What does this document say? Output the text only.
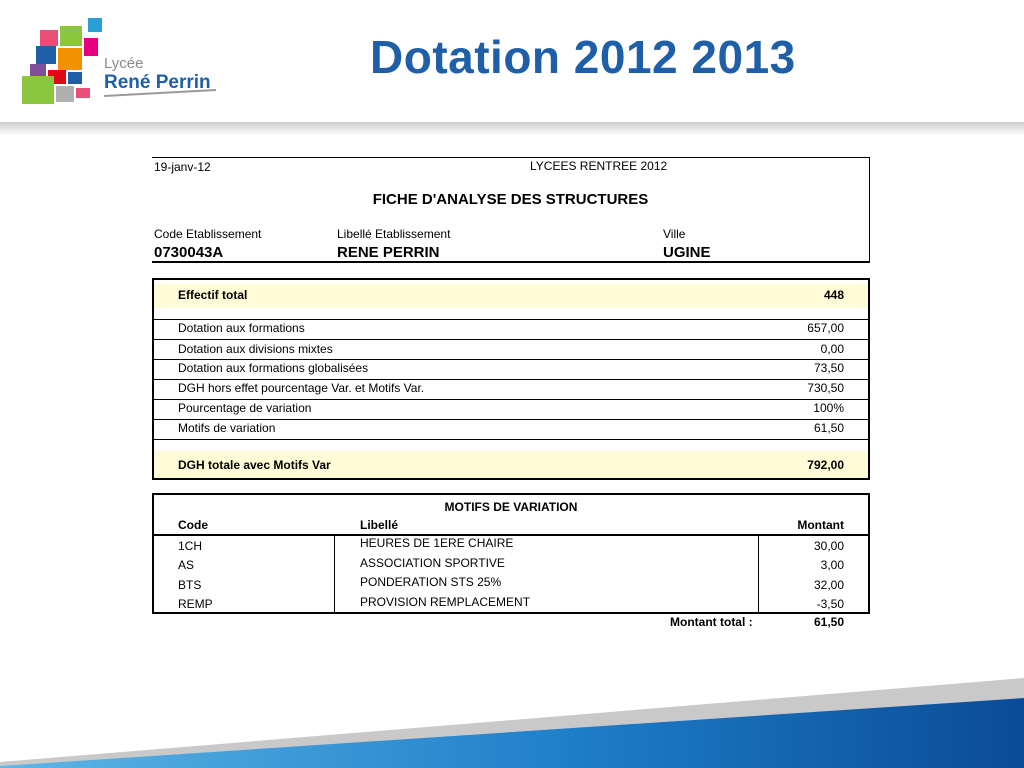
Lycée
René Perrin	Dotation 2012 2013
19-janv-12	LYCEES RENTREE 2012
FICHE D'ANALYSE DES STRUCTURES
Code Etablissement	Libellé Etablissement	Ville
0730043A	RENE PERRIN	UGINE
Effectif total	448
Dotation aux formations	657,00
Dotation aux divisions mixtes	0,00
Dotation aux formations globalisées	73,50
DGH hors effet pourcentage Var. et Motifs Var.	730,50
Pourcentage de variation	100%
Motifs de variation	61,50
DGH totale avec Motifs Var	792,00
MOTIFS DE VARIATION
Code	Libellé	Montant
1CH	HEURES DE 1ERE CHAIRE	30,00
AS	ASSOCIATION SPORTIVE	3,00
BTS	PONDERATION STS 25%	32,00
REMP	PROVISION REMPLACEMENT	-3,50
Montant total :	61,50
